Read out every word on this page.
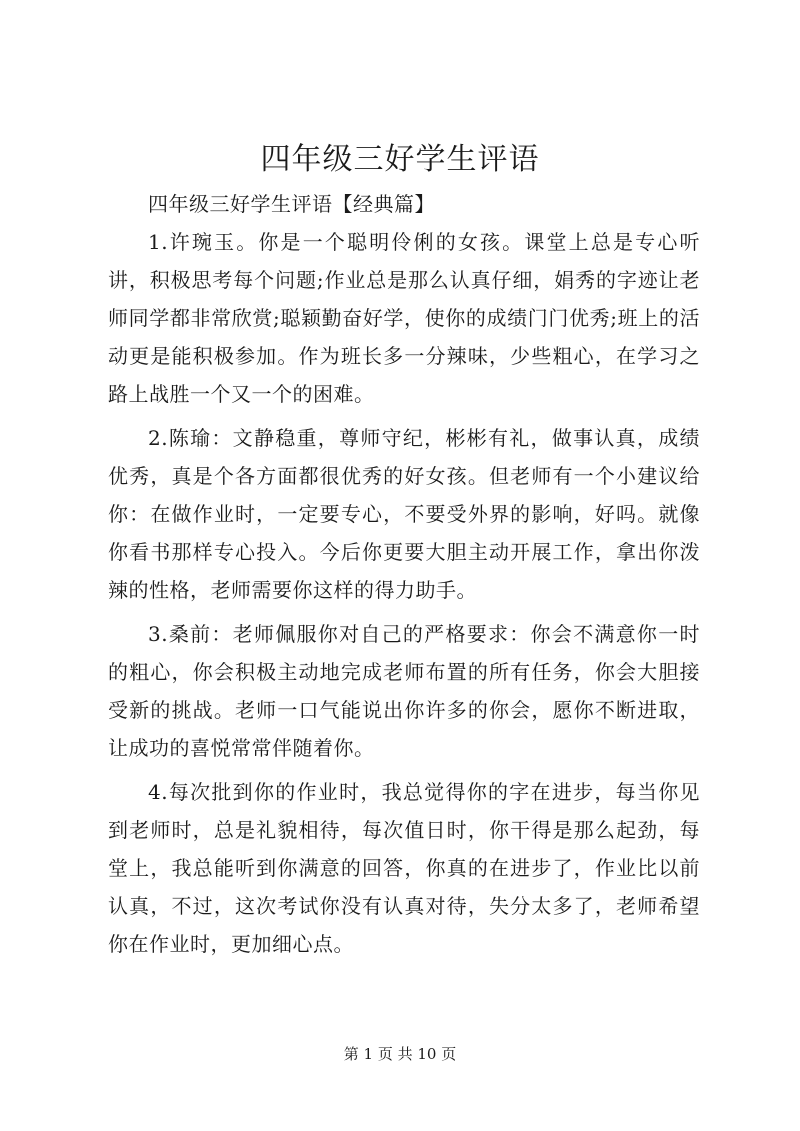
四年级三好学生评语

四年级三好学生评语【经典篇】

1.许琬玉。你是一个聪明伶俐的女孩。课堂上总是专心听讲，积极思考每个问题;作业总是那么认真仔细，娟秀的字迹让老师同学都非常欣赏;聪颖勤奋好学，使你的成绩门门优秀;班上的活动更是能积极参加。作为班长多一分辣味，少些粗心，在学习之路上战胜一个又一个的困难。

2.陈瑜：文静稳重，尊师守纪，彬彬有礼，做事认真，成绩优秀，真是个各方面都很优秀的好女孩。但老师有一个小建议给你：在做作业时，一定要专心，不要受外界的影响，好吗。就像你看书那样专心投入。今后你更要大胆主动开展工作，拿出你泼辣的性格，老师需要你这样的得力助手。

3.桑前：老师佩服你对自己的严格要求：你会不满意你一时的粗心，你会积极主动地完成老师布置的所有任务，你会大胆接受新的挑战。老师一口气能说出你许多的你会，愿你不断进取，让成功的喜悦常常伴随着你。

4.每次批到你的作业时，我总觉得你的字在进步，每当你见到老师时，总是礼貌相待，每次值日时，你干得是那么起劲，每堂上，我总能听到你满意的回答，你真的在进步了，作业比以前认真，不过，这次考试你没有认真对待，失分太多了，老师希望你在作业时，更加细心点。

第 1 页 共 10 页
